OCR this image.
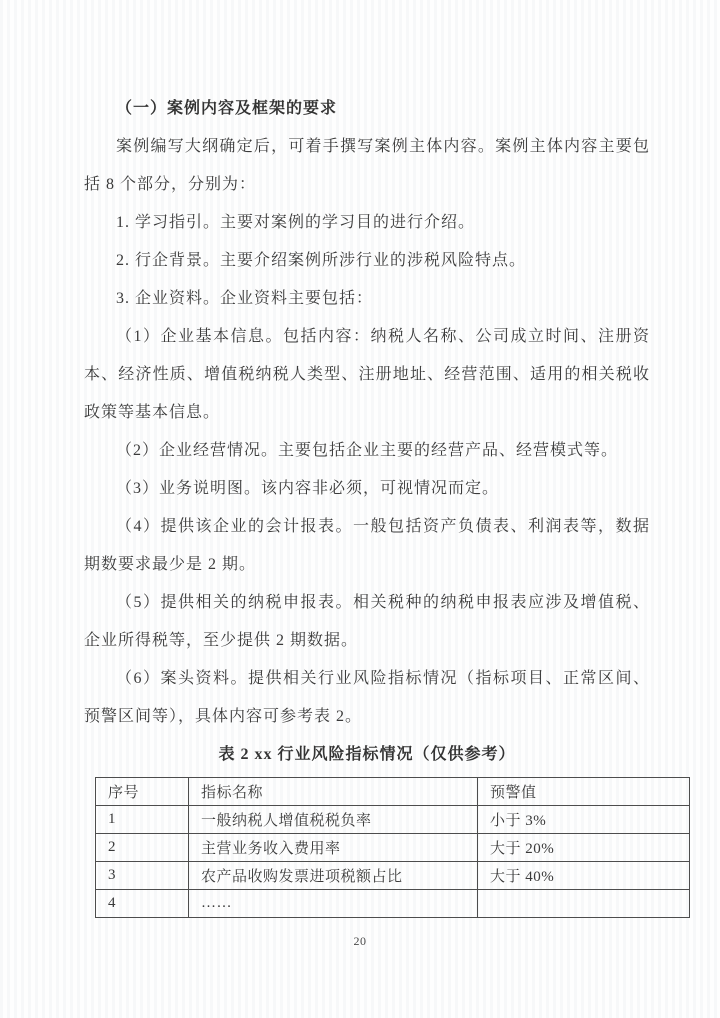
（一）案例内容及框架的要求

案例编写大纲确定后，可着手撰写案例主体内容。案例主体内容主要包括 8 个部分，分别为：

1. 学习指引。主要对案例的学习目的进行介绍。

2. 行企背景。主要介绍案例所涉行业的涉税风险特点。

3. 企业资料。企业资料主要包括：

（1）企业基本信息。包括内容：纳税人名称、公司成立时间、注册资本、经济性质、增值税纳税人类型、注册地址、经营范围、适用的相关税收政策等基本信息。

（2）企业经营情况。主要包括企业主要的经营产品、经营模式等。

（3）业务说明图。该内容非必须，可视情况而定。

（4）提供该企业的会计报表。一般包括资产负债表、利润表等，数据期数要求最少是 2 期。

（5）提供相关的纳税申报表。相关税种的纳税申报表应涉及增值税、企业所得税等，至少提供 2 期数据。

（6）案头资料。提供相关行业风险指标情况（指标项目、正常区间、预警区间等），具体内容可参考表 2。

表 2 xx 行业风险指标情况（仅供参考）

序号	指标名称	预警值
1	一般纳税人增值税税负率	小于 3%
2	主营业务收入费用率	大于 20%
3	农产品收购发票进项税额占比	大于 40%
4	……	
20
